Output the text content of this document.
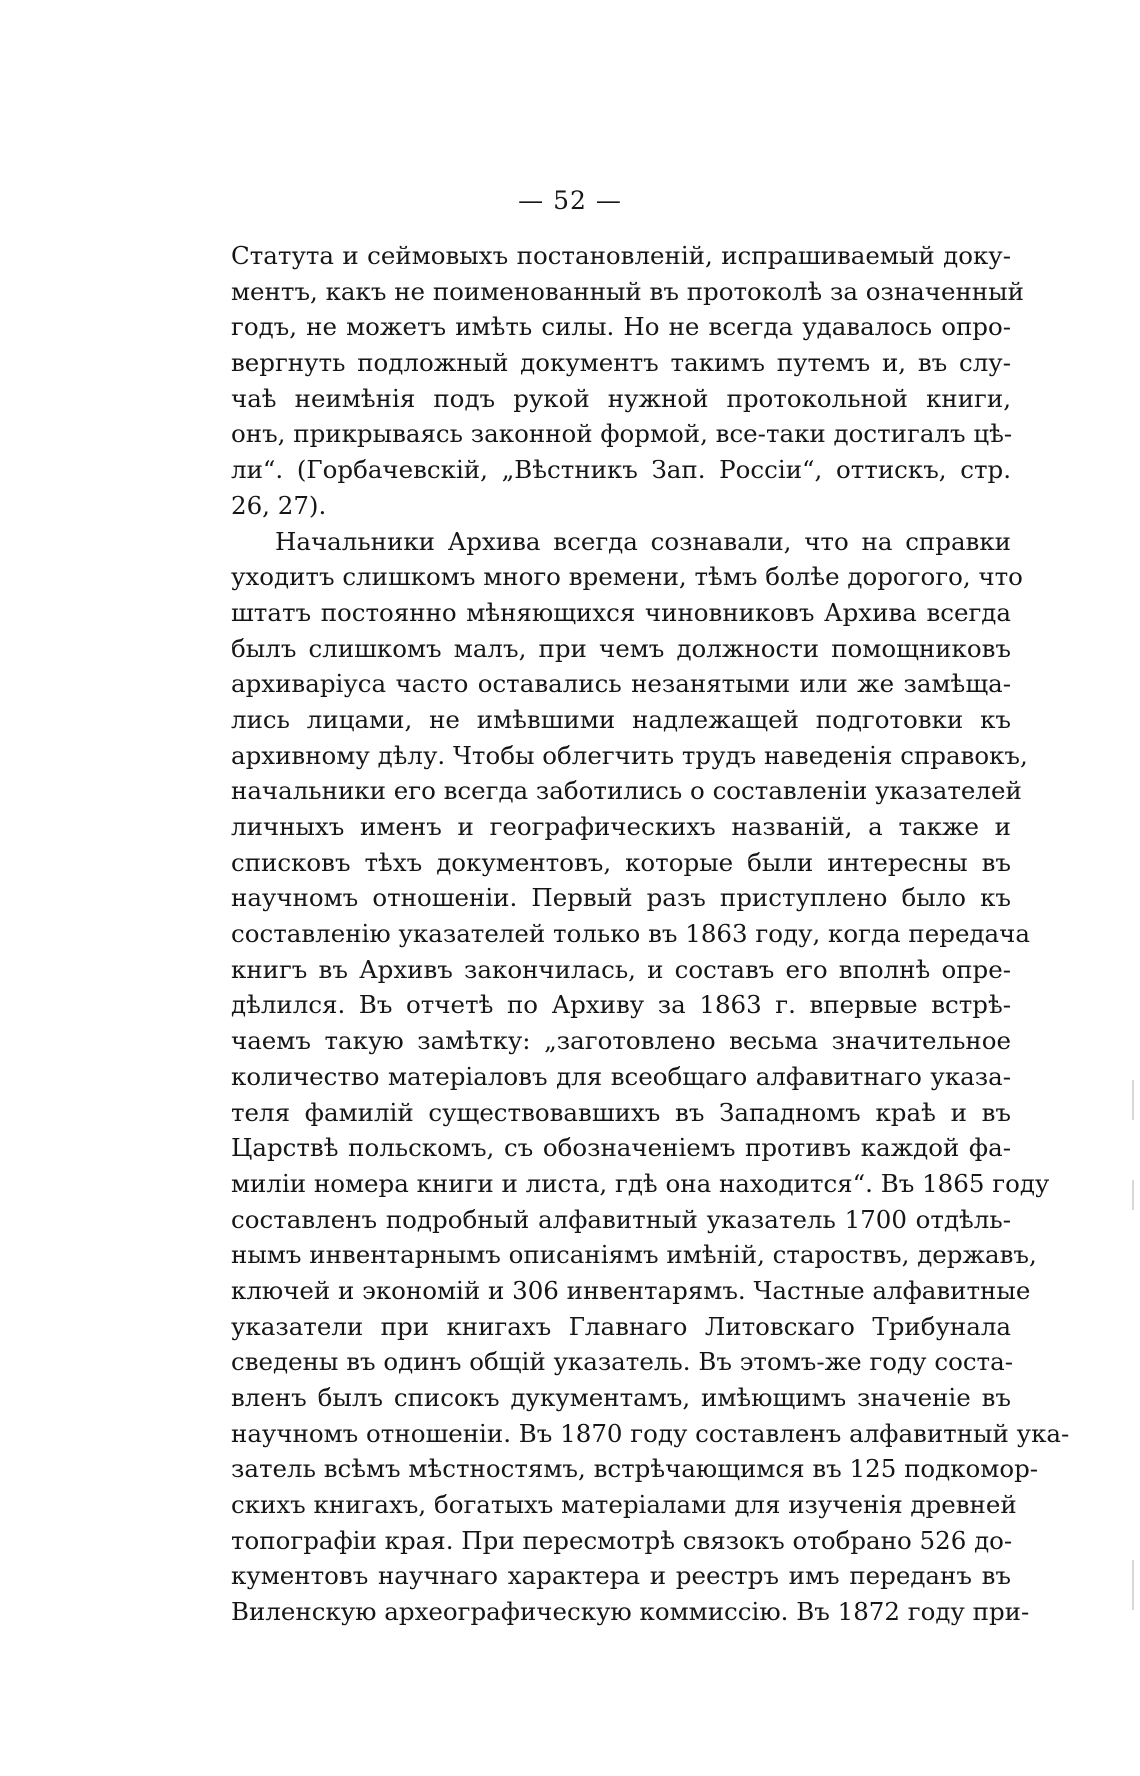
— 52 —
Статута и сеймовыхъ постановленій, испрашиваемый доку-
ментъ, какъ не поименованный въ протоколѣ за означенный
годъ, не можетъ имѣть силы. Но не всегда удавалось опро-
вергнуть подложный документъ такимъ путемъ и, въ слу-
чаѣ неимѣнія подъ рукой нужной протокольной книги,
онъ, прикрываясь законной формой, все-таки достигалъ цѣ-
ли“. (Горбачевскій, „Вѣстникъ Зап. Россіи“, оттискъ, стр.
26, 27).
Начальники Архива всегда сознавали, что на справки
уходитъ слишкомъ много времени, тѣмъ болѣе дорогого, что
штатъ постоянно мѣняющихся чиновниковъ Архива всегда
былъ слишкомъ малъ, при чемъ должности помощниковъ
архиваріуса часто оставались незанятыми или же замѣща-
лись лицами, не имѣвшими надлежащей подготовки къ
архивному дѣлу. Чтобы облегчить трудъ наведенія справокъ,
начальники его всегда заботились о составленіи указателей
личныхъ именъ и географическихъ названій, а также и
списковъ тѣхъ документовъ, которые были интересны въ
научномъ отношеніи. Первый разъ приступлено было къ
составленію указателей только въ 1863 году, когда передача
книгъ въ Архивъ закончилась, и составъ его вполнѣ опре-
дѣлился. Въ отчетѣ по Архиву за 1863 г. впервые встрѣ-
чаемъ такую замѣтку: „заготовлено весьма значительное
количество матеріаловъ для всеобщаго алфавитнаго указа-
теля фамилій существовавшихъ въ Западномъ краѣ и въ
Царствѣ польскомъ, съ обозначеніемъ противъ каждой фа-
миліи номера книги и листа, гдѣ она находится“. Въ 1865 году
составленъ подробный алфавитный указатель 1700 отдѣль-
нымъ инвентарнымъ описаніямъ имѣній, староствъ, державъ,
ключей и экономій и 306 инвентарямъ. Частные алфавитные
указатели при книгахъ Главнаго Литовскаго Трибунала
сведены въ одинъ общій указатель. Въ этомъ-же году соста-
вленъ былъ списокъ дукументамъ, имѣющимъ значеніе въ
научномъ отношеніи. Въ 1870 году составленъ алфавитный ука-
затель всѣмъ мѣстностямъ, встрѣчающимся въ 125 подкомор-
скихъ книгахъ, богатыхъ матеріалами для изученія древней
топографіи края. При пересмотрѣ связокъ отобрано 526 до-
кументовъ научнаго характера и реестръ имъ переданъ въ
Виленскую археографическую коммиссію. Въ 1872 году при-
